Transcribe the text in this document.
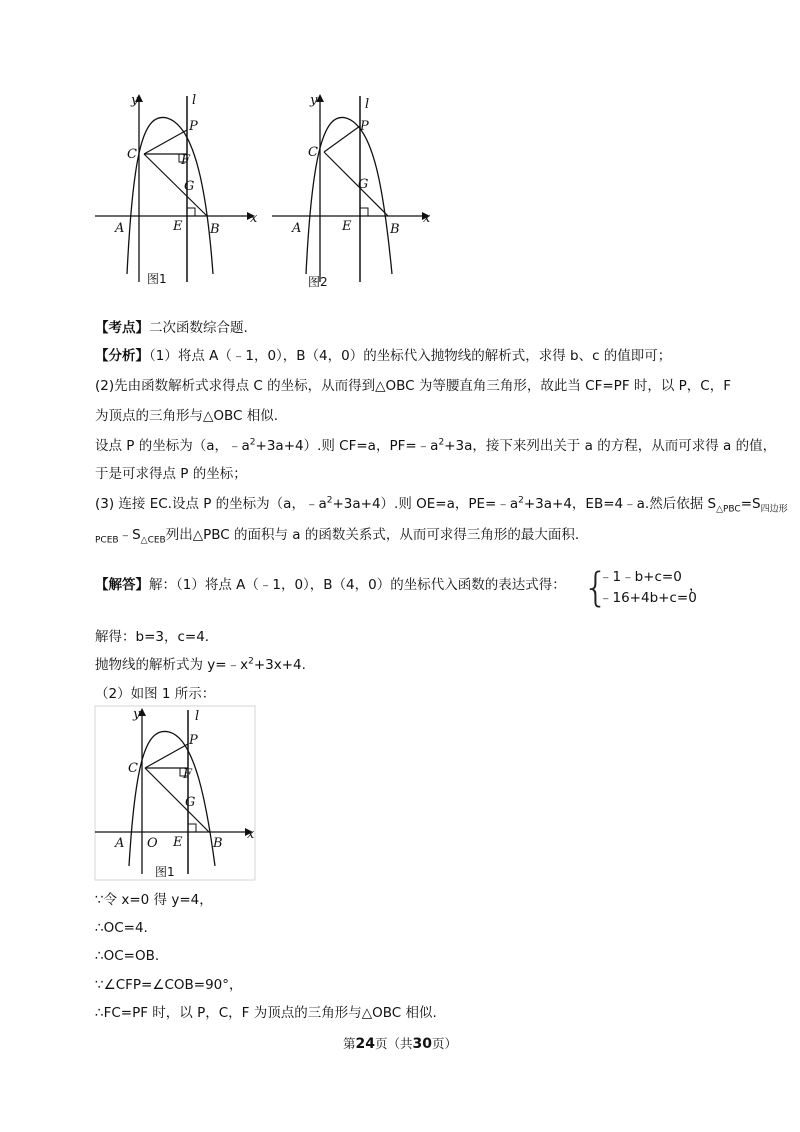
y	l
x
A	B
C
E
F
G
P
图1
y	l
x
A	B
C
E
G
P
图2
【考点】二次函数综合题.
【分析】（1）将点 A（﹣1，0），B（4，0）的坐标代入抛物线的解析式，求得 b、c 的值即可；
(2)先由函数解析式求得点 C 的坐标，从而得到△OBC 为等腰直角三角形，故此当 CF=PF 时，以 P，C，F
为顶点的三角形与△OBC 相似.
设点 P 的坐标为（a，$﹣a^2+3a+4$）.则 CF=a，$PF=﹣a^2+3a$，接下来列出关于 a 的方程，从而可求得 a 的值，
于是可求得点 P 的坐标；
(3) 连接 EC.设点 P 的坐标为（a，$﹣a^2+3a+4$）.则 OE=a，$PE=﹣a^2+3a+4$，EB=4﹣a.然后依据 $S_{\triangle PBC}=S_{四边形}$
$_{PCEB}﹣S_{\triangle CEB}$列出△PBC 的面积与 a 的函数关系式，从而可求得三角形的最大面积.
【解答】解：（1）将点 A（﹣1，0），B（4，0）的坐标代入函数的表达式得： {
﹣1﹣b+c=0
﹣16+4b+c=0
，
解得：b=3，c=4.
抛物线的解析式为 $y=﹣x^2+3x+4$.
（2）如图 1 所示：
y	l
x
A O	B
C
E
F
G
P
图1
∵令 x=0 得 y=4，
∴OC=4.
∴OC=OB.
∵∠CFP=∠COB=90°，
∴FC=PF 时，以 P，C，F 为顶点的三角形与△OBC 相似.
第24页（共30页）
